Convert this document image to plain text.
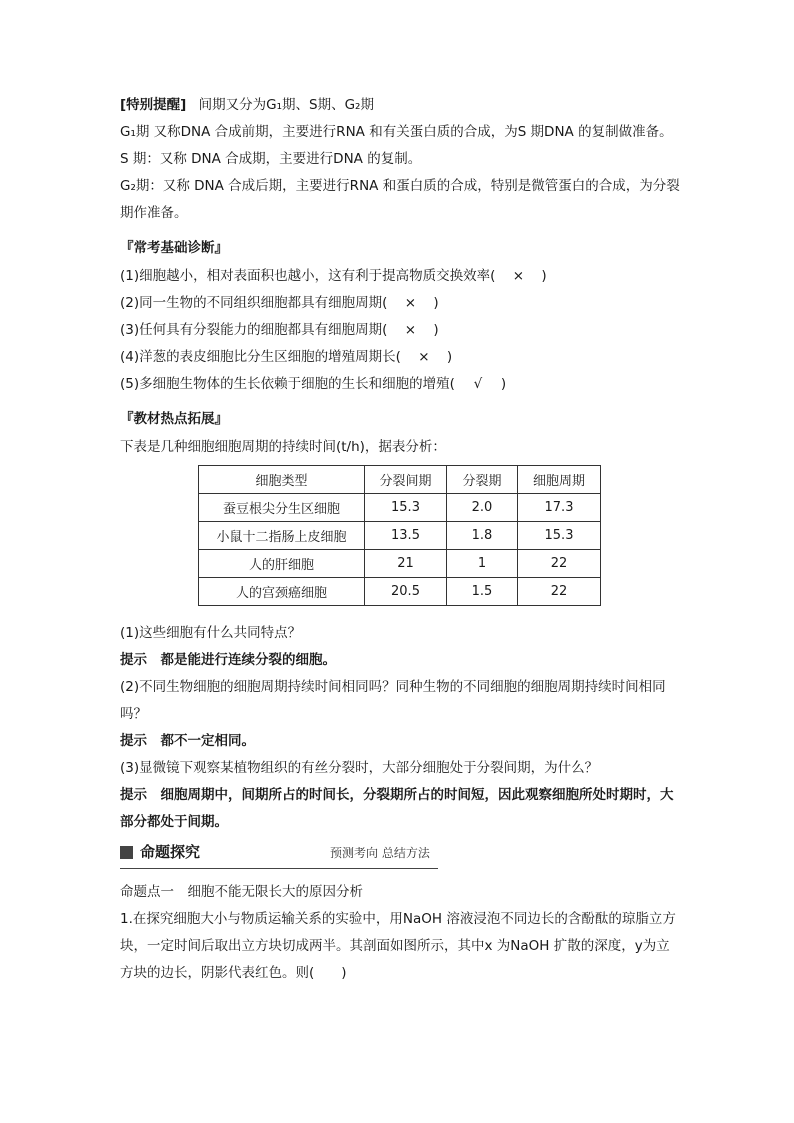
[特别提醒] 间期又分为G₁期、S期、G₂期
G₁期 又称DNA 合成前期，主要进行RNA 和有关蛋白质的合成，为S 期DNA 的复制做准备。
S 期：又称 DNA 合成期，主要进行DNA 的复制。
G₂期：又称 DNA 合成后期，主要进行RNA 和蛋白质的合成，特别是微管蛋白的合成，为分裂期作准备。
『常考基础诊断』
(1)细胞越小，相对表面积也越小，这有利于提高物质交换效率( × )
(2)同一生物的不同组织细胞都具有细胞周期( × )
(3)任何具有分裂能力的细胞都具有细胞周期( × )
(4)洋葱的表皮细胞比分生区细胞的增殖周期长( × )
(5)多细胞生物体的生长依赖于细胞的生长和细胞的增殖( √ )
『教材热点拓展』
下表是几种细胞细胞周期的持续时间(t/h)，据表分析：
细胞类型	分裂间期	分裂期	细胞周期
蚕豆根尖分生区细胞	15.3	2.0	17.3
小鼠十二指肠上皮细胞	13.5	1.8	15.3
人的肝细胞	21	1	22
人的宫颈癌细胞	20.5	1.5	22
(1)这些细胞有什么共同特点？
提示　 都是能进行连续分裂的细胞。
(2)不同生物细胞的细胞周期持续时间相同吗？同种生物的不同细胞的细胞周期持续时间相同吗？
提示　 都不一定相同。
(3)显微镜下观察某植物组织的有丝分裂时，大部分细胞处于分裂间期，为什么？
提示　 细胞周期中，间期所占的时间长，分裂期所占的时间短，因此观察细胞所处时期时，大部分都处于间期。
命题探究	预测考向 总结方法
命题点一　细胞不能无限长大的原因分析
1.在探究细胞大小与物质运输关系的实验中，用NaOH 溶液浸泡不同边长的含酚酞的琼脂立方块，一定时间后取出立方块切成两半。其剖面如图所示，其中x 为NaOH 扩散的深度，y为立方块的边长，阴影代表红色。则(　　)
